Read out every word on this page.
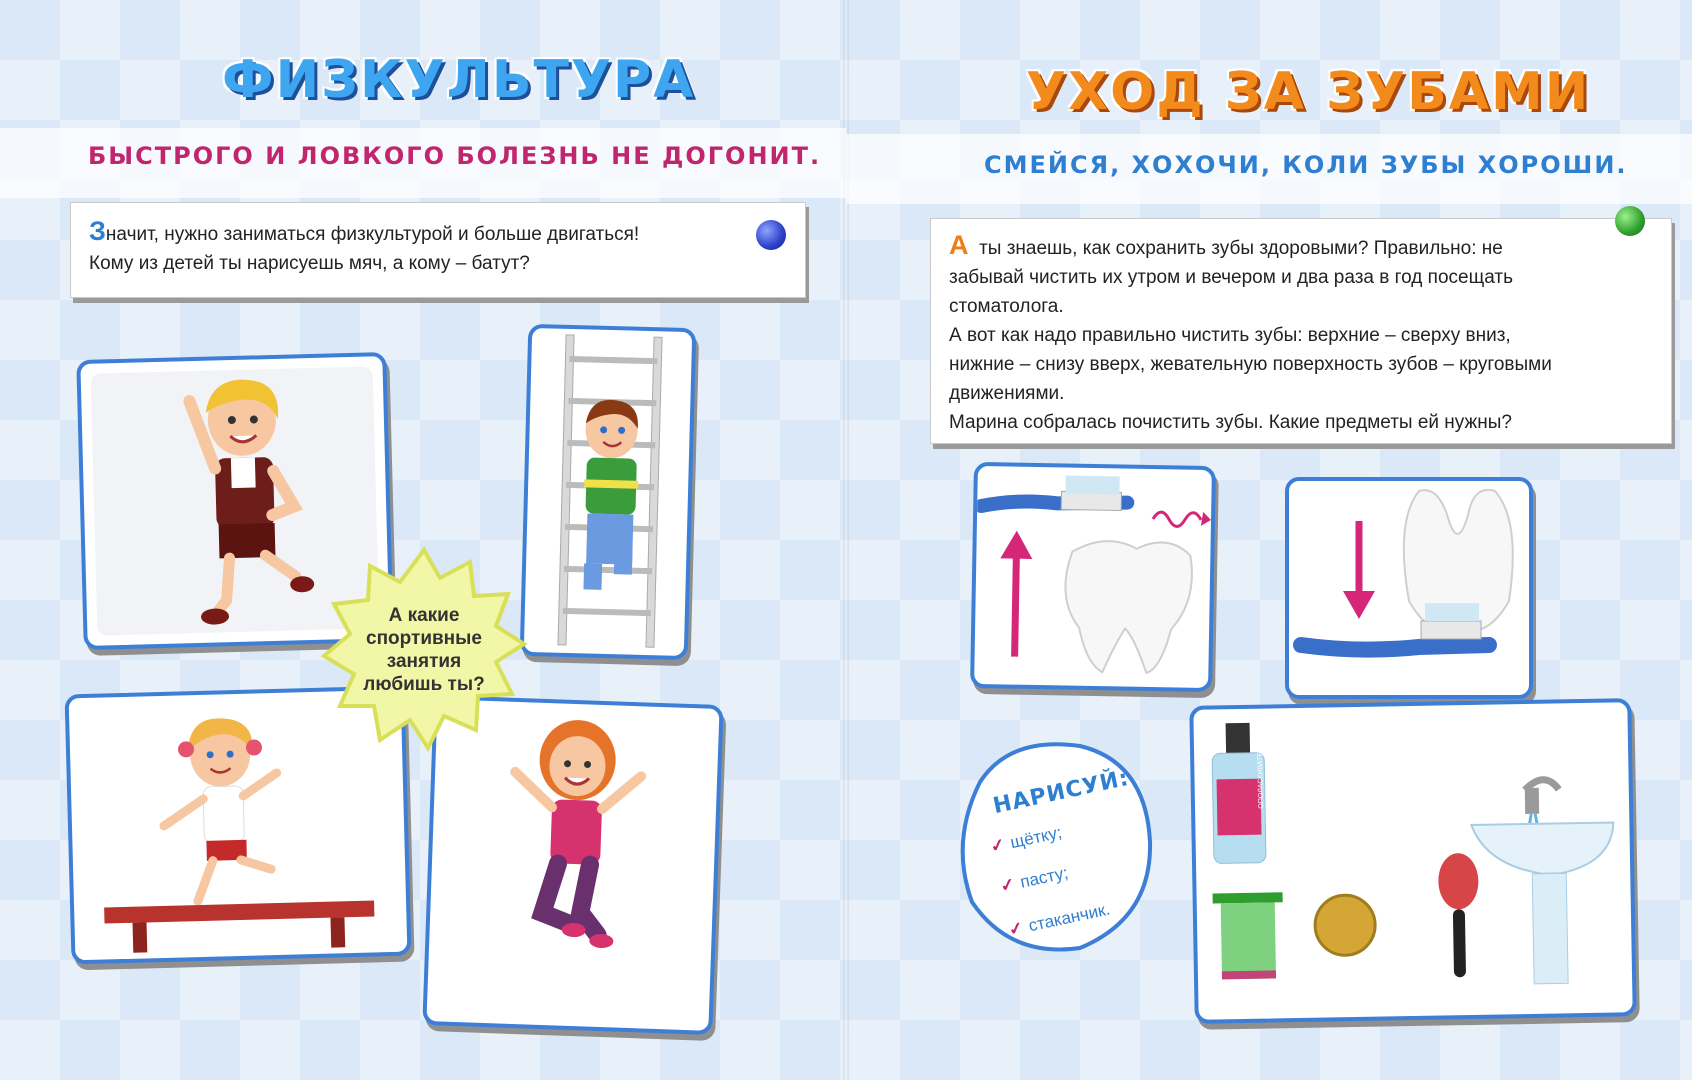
ФИЗКУЛЬТУРА
БЫСТРОГО И ЛОВКОГО БОЛЕЗНЬ НЕ ДОГОНИТ.

Значит, нужно заниматься физкультурой и больше двигаться!

Кому из детей ты нарисуешь мяч, а кому – батут?

А какие
спортивные
занятия
любишь ты?
УХОД ЗА ЗУБАМИ
СМЕЙСЯ, ХОХОЧИ, КОЛИ ЗУБЫ ХОРОШИ.

А ты знаешь, как сохранить зубы здоровыми? Правильно: не

забывай чистить их утром и вечером и два раза в год посещать

стоматолога.

А вот как надо правильно чистить зубы: верхние – сверху вниз,

нижние – снизу вверх, жевательную поверхность зубов – круговыми

движениями.

Марина собралась почистить зубы. Какие предметы ей нужны?

ОПОЛАСКИВАТЕЛЬ
НАРИСУЙ:
✓ щётку;
✓ пасту;
✓ стаканчик.
